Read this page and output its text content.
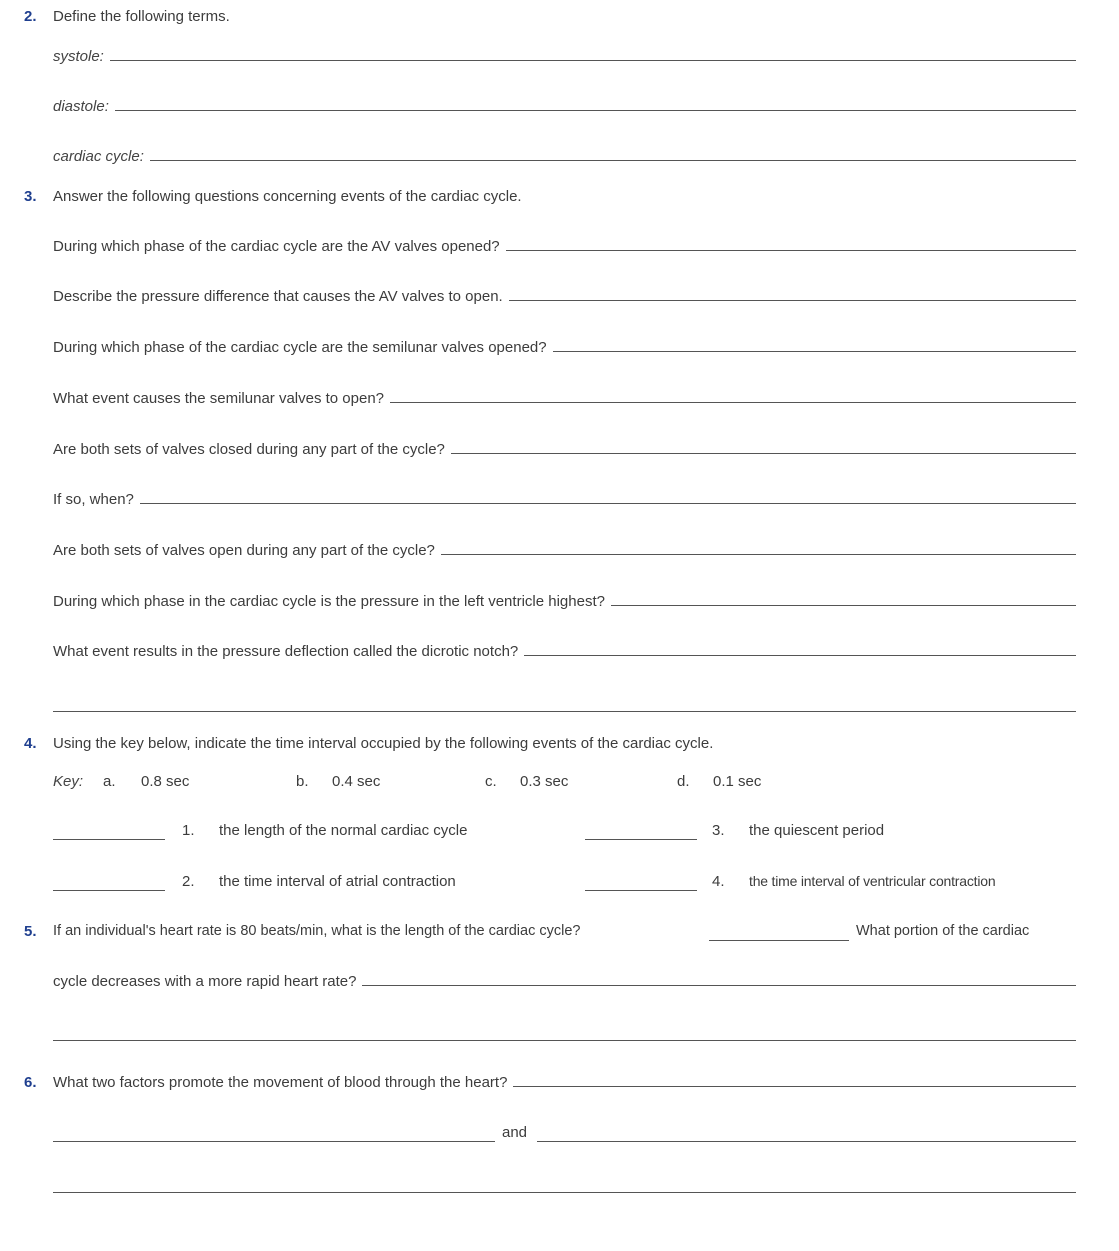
2. Define the following terms.
systole:
diastole:
cardiac cycle:
3. Answer the following questions concerning events of the cardiac cycle.
During which phase of the cardiac cycle are the AV valves opened?
Describe the pressure difference that causes the AV valves to open.
During which phase of the cardiac cycle are the semilunar valves opened?
What event causes the semilunar valves to open?
Are both sets of valves closed during any part of the cycle?
If so, when?
Are both sets of valves open during any part of the cycle?
During which phase in the cardiac cycle is the pressure in the left ventricle highest?
What event results in the pressure deflection called the dicrotic notch?
4. Using the key below, indicate the time interval occupied by the following events of the cardiac cycle.
Key: a. 0.8 sec	b. 0.4 sec	c. 0.3 sec	d. 0.1 sec
1. the length of the normal cardiac cycle	3. the quiescent period
2. the time interval of atrial contraction	4. the time interval of ventricular contraction
5. If an individual's heart rate is 80 beats/min, what is the length of the cardiac cycle?	What portion of the cardiac
cycle decreases with a more rapid heart rate?
6. What two factors promote the movement of blood through the heart?
and
